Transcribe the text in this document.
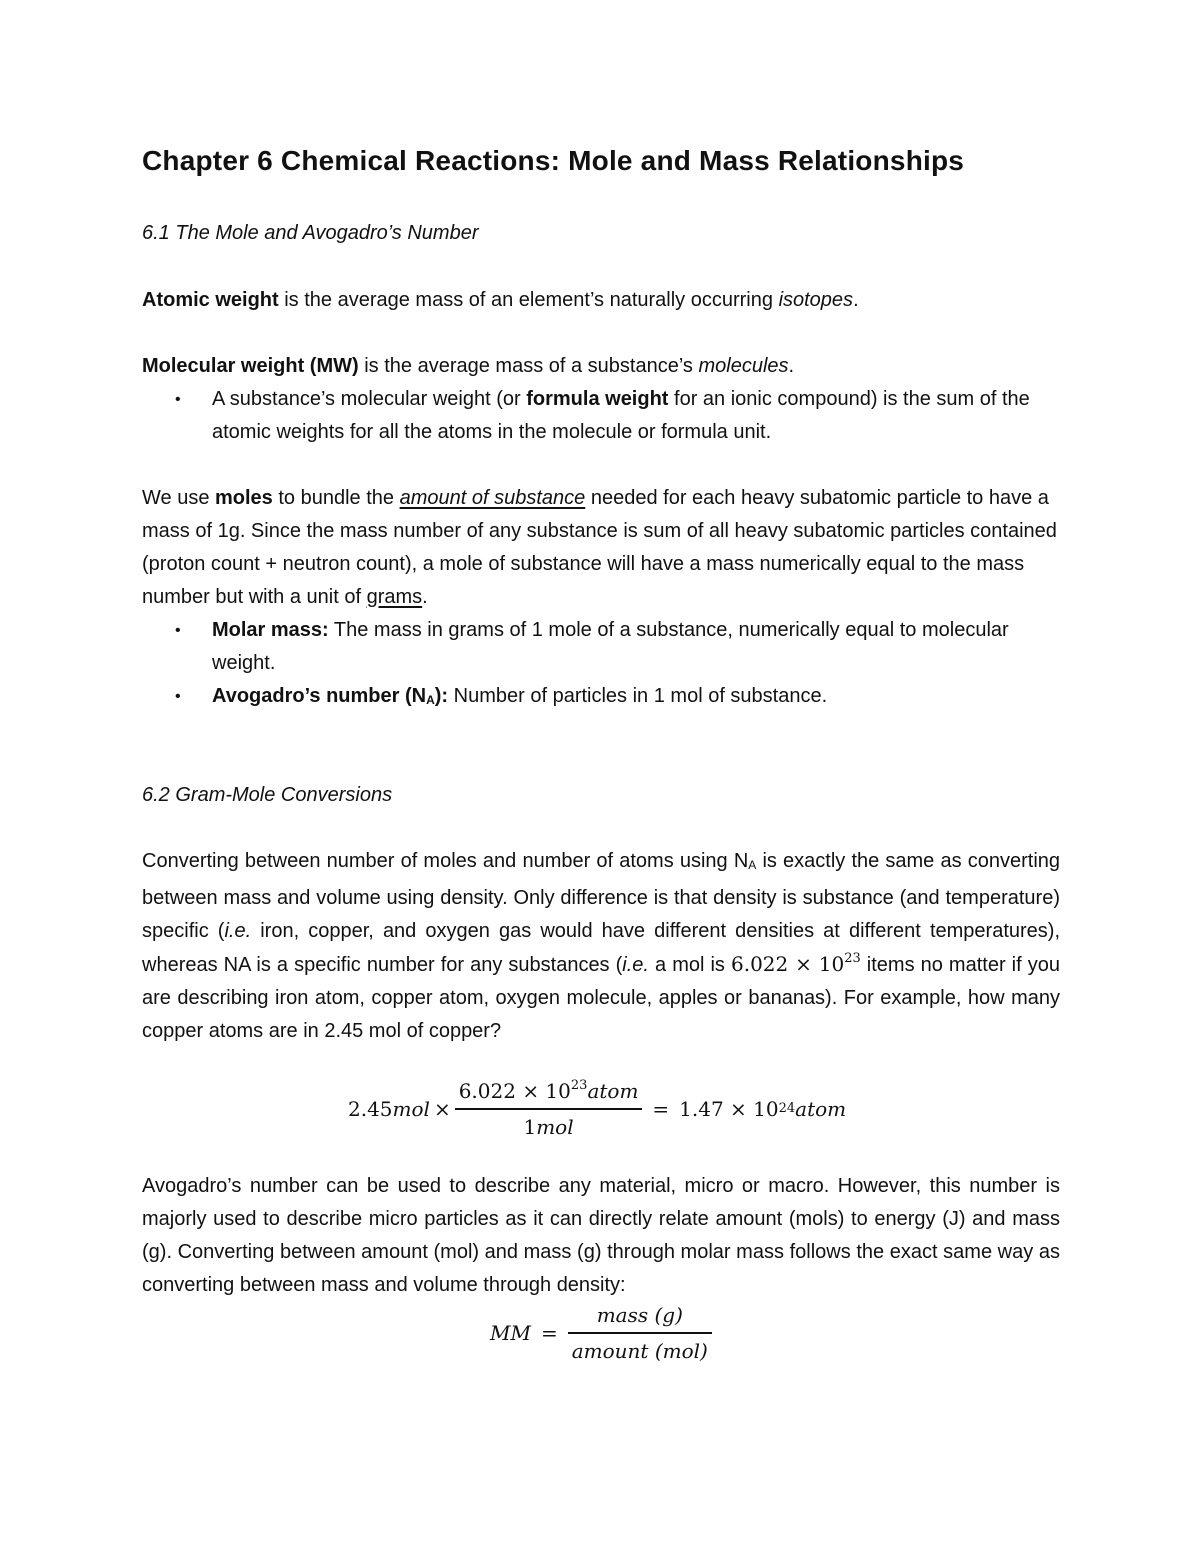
Chapter 6 Chemical Reactions: Mole and Mass Relationships
6.1 The Mole and Avogadro’s Number

Atomic weight is the average mass of an element’s naturally occurring isotopes.

Molecular weight (MW) is the average mass of a substance’s molecules.

• A substance’s molecular weight (or formula weight for an ionic compound) is the sum of the atomic weights for all the atoms in the molecule or formula unit.

We use moles to bundle the amount of substance needed for each heavy subatomic particle to have a mass of 1g. Since the mass number of any substance is sum of all heavy subatomic particles contained (proton count + neutron count), a mole of substance will have a mass numerically equal to the mass number but with a unit of grams.

• Molar mass: The mass in grams of 1 mole of a substance, numerically equal to molecular weight.
• Avogadro’s number $(N_A)$: Number of particles in 1 mol of substance.
6.2 Gram-Mole Conversions

Converting between number of moles and number of atoms using $N_A$ is exactly the same as converting between mass and volume using density. Only difference is that density is substance (and temperature) specific (i.e. iron, copper, and oxygen gas would have different densities at different temperatures), whereas NA is a specific number for any substances (i.e. a mol is $6.022 \times 10^{23}$ items no matter if you are describing iron atom, copper atom, oxygen molecule, apples or bananas). For example, how many copper atoms are in 2.45 mol of copper?

2.45 mol × $\frac{6.022 \times 10^{23}atom}{\text{1mol}} = 1.47 \times 10$ 24 atom
Avogadro’s number can be used to describe any material, micro or macro. However, this number is majorly used to describe micro particles as it can directly relate amount (mols) to energy (J) and mass (g). Converting between amount (mol) and mass (g) through molar mass follows the exact same way as converting between mass and volume through density:
MM = $\frac{\text{mass (g)}}{\text{amount (mol)}}$
